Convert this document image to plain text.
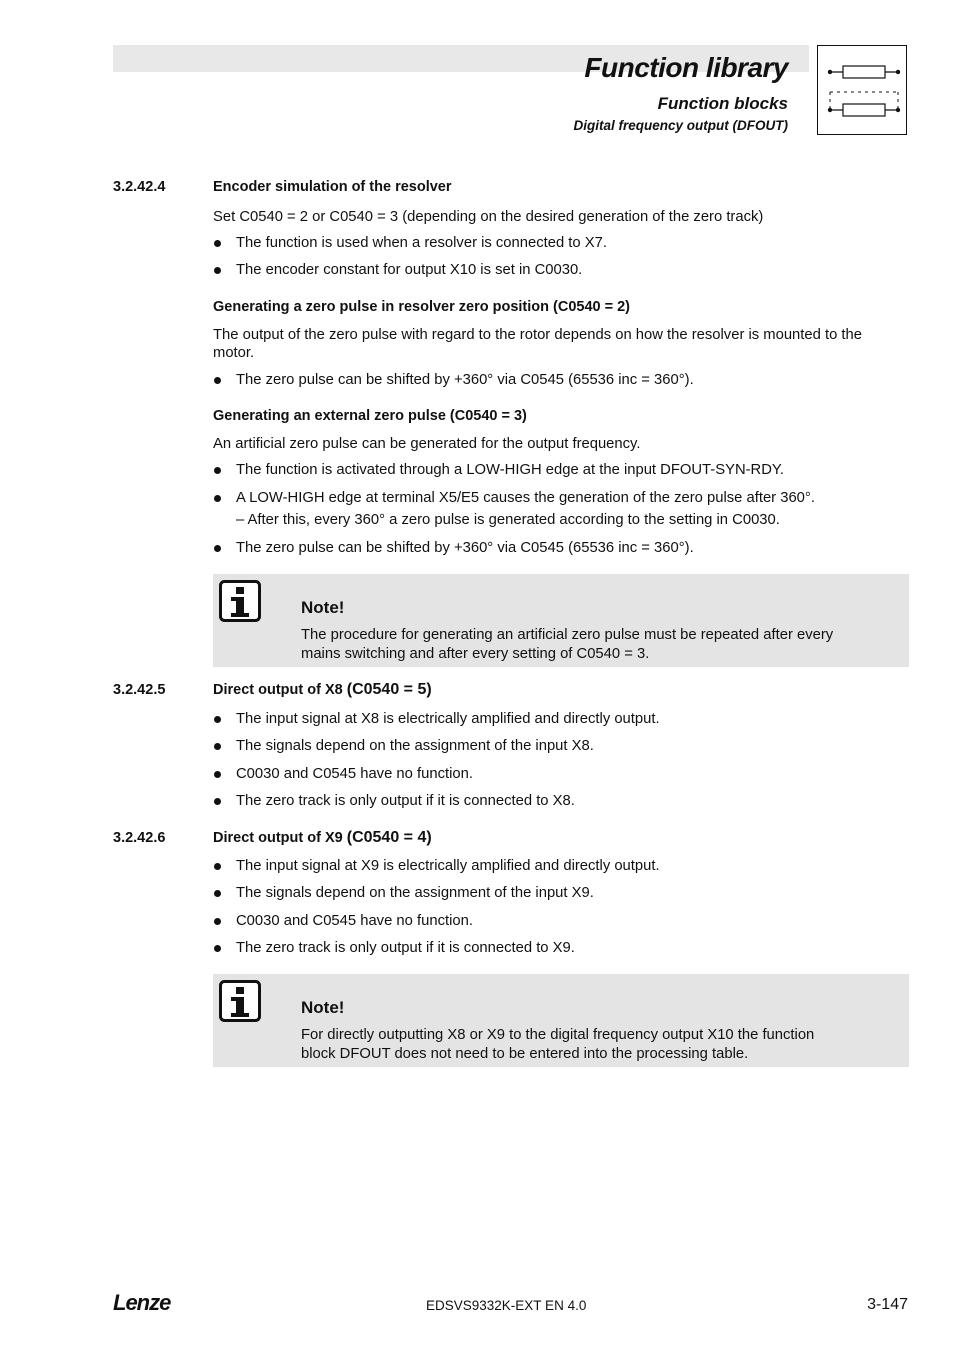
Function library
Function blocks
Digital frequency output (DFOUT)
3.2.42.4	Encoder simulation of the resolver
Set C0540 = 2 or C0540 = 3 (depending on the desired generation of the zero track)
The function is used when a resolver is connected to X7.
The encoder constant for output X10 is set in C0030.
Generating a zero pulse in resolver zero position (C0540 = 2)
The output of the zero pulse with regard to the rotor depends on how the resolver is mounted to the
motor.
The zero pulse can be shifted by +360° via C0545 (65536 inc = 360°).
Generating an external zero pulse (C0540 = 3)
An artificial zero pulse can be generated for the output frequency.
The function is activated through a LOW-HIGH edge at the input DFOUT-SYN-RDY.
A LOW-HIGH edge at terminal X5/E5 causes the generation of the zero pulse after 360°.
– After this, every 360° a zero pulse is generated according to the setting in C0030.
The zero pulse can be shifted by +360° via C0545 (65536 inc = 360°).
Note!
The procedure for generating an artificial zero pulse must be repeated after every
mains switching and after every setting of C0540 = 3.
3.2.42.5	Direct output of X8 (C0540 = 5)
The input signal at X8 is electrically amplified and directly output.
The signals depend on the assignment of the input X8.
C0030 and C0545 have no function.
The zero track is only output if it is connected to X8.
3.2.42.6	Direct output of X9 (C0540 = 4)
The input signal at X9 is electrically amplified and directly output.
The signals depend on the assignment of the input X9.
C0030 and C0545 have no function.
The zero track is only output if it is connected to X9.
Note!
For directly outputting X8 or X9 to the digital frequency output X10 the function
block DFOUT does not need to be entered into the processing table.
Lenze	EDSVS9332K-EXT EN 4.0	3-147
